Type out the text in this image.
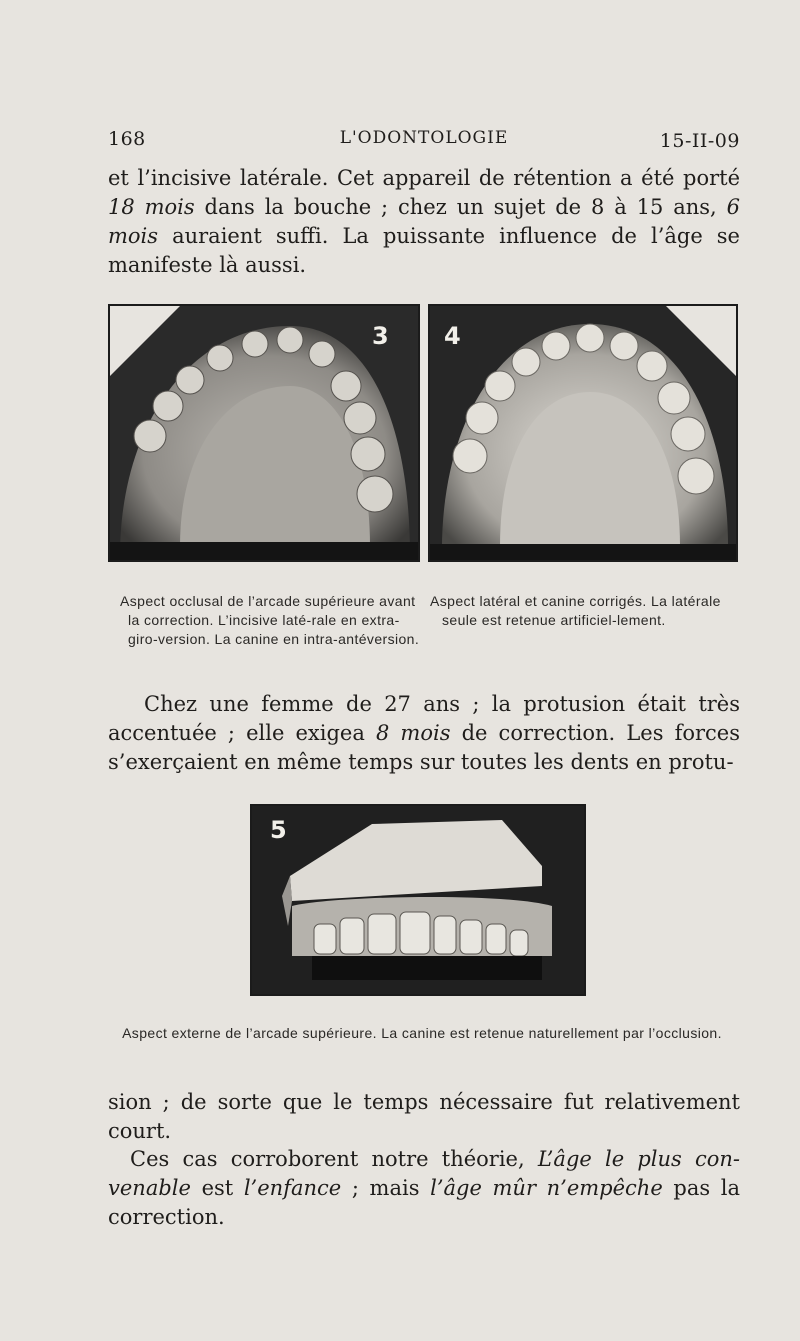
168	L'ODONTOLOGIE	15-II-09

et l’incisive latérale. Cet appareil de rétention a été porté 18 mois dans la bouche ; chez un sujet de 8 à 15 ans, 6 mois auraient suffi. La puissante influence de l’âge se manifeste là aussi.

3 4
Aspect occlusal de l’arcade supérieure avant la correction. L’incisive laté-rale en extra-giro-version. La canine en intra-antéversion.
Aspect latéral et canine corrigés. La latérale seule est retenue artificiel-lement.

Chez une femme de 27 ans ; la protusion était très accentuée ; elle exigea 8 mois de correction. Les forces s’exerçaient en même temps sur toutes les dents en protu-

5
Aspect externe de l’arcade supérieure. La canine est retenue naturellement par l’occlusion.

sion ; de sorte que le temps nécessaire fut relativement court.

Ces cas corroborent notre théorie, L’âge le plus con-venable est l’enfance ; mais l’âge mûr n’empêche pas la correction.
